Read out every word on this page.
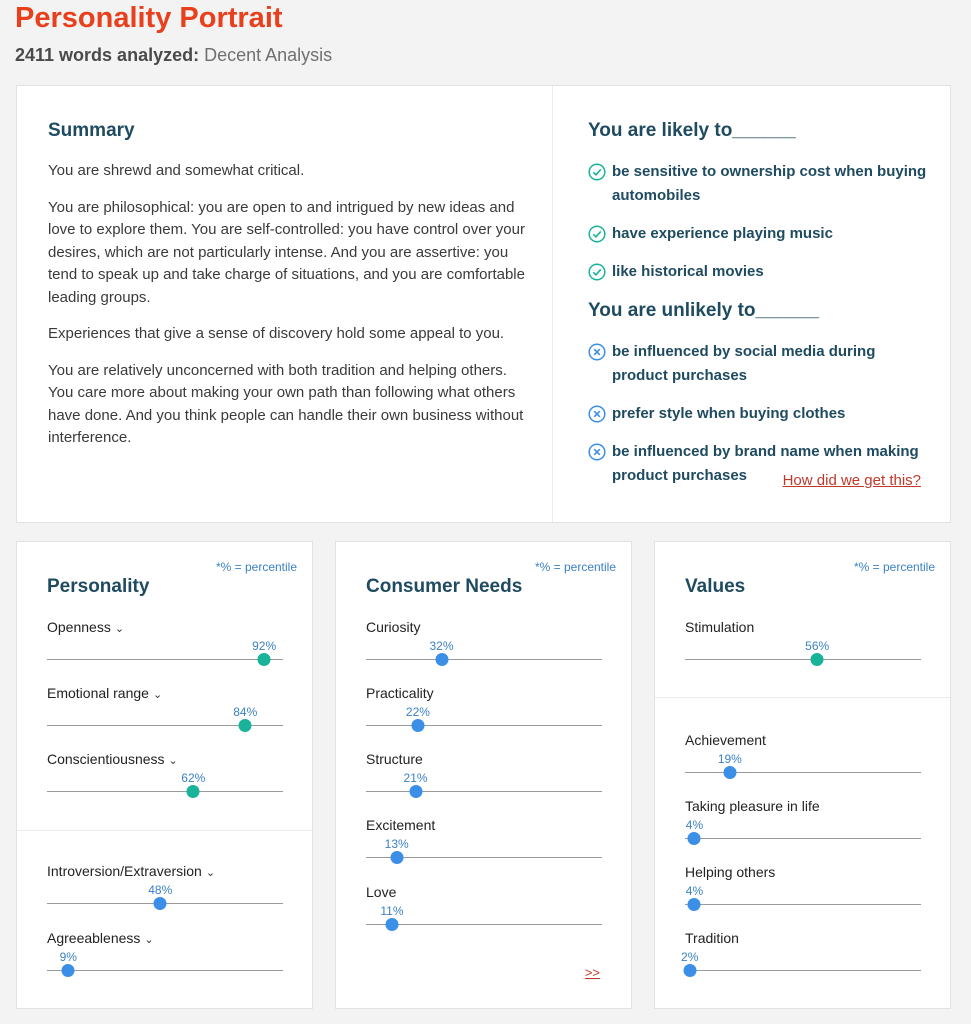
Personality Portrait
2411 words analyzed: Decent Analysis
Summary

You are shrewd and somewhat critical.

You are philosophical: you are open to and intrigued by new ideas and love to explore them. You are self-controlled: you have control over your desires, which are not particularly intense. And you are assertive: you tend to speak up and take charge of situations, and you are comfortable leading groups.

Experiences that give a sense of discovery hold some appeal to you.

You are relatively unconcerned with both tradition and helping others. You care more about making your own path than following what others have done. And you think people can handle their own business without interference.

How did we get this?
You are likely to______
be sensitive to ownership cost when buying automobiles
have experience playing music
like historical movies
You are unlikely to______
be influenced by social media during product purchases
prefer style when buying clothes
be influenced by brand name when making product purchases
*% = percentile
Personality
Openness ⌄
92%
Emotional range ⌄
84%
Conscientiousness ⌄
62%
Introversion/Extraversion ⌄
48%
Agreeableness ⌄
9%
*% = percentile
Consumer Needs
Curiosity
32%
Practicality
22%
Structure
21%
Excitement
13%
Love
11%
>>
*% = percentile
Values
Stimulation
56%
Achievement
19%
Taking pleasure in life
4%
Helping others
4%
Tradition
2%
